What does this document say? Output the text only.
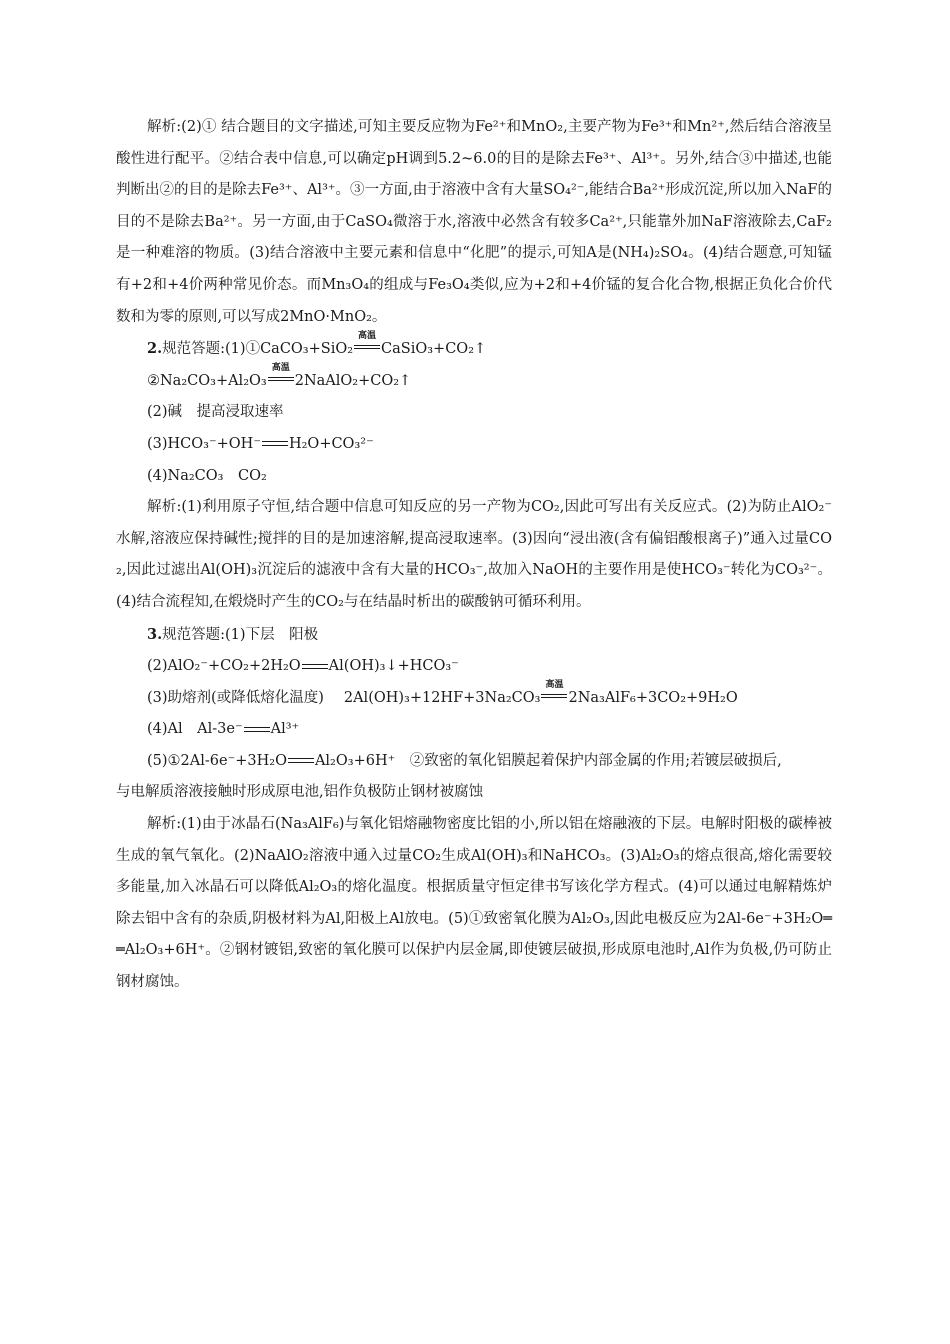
解析:(2)① 结合题目的文字描述,可知主要反应物为Fe²⁺和MnO₂,主要产物为Fe³⁺和Mn²⁺,然后结合溶液呈酸性进行配平。②结合表中信息,可以确定pH调到5.2~6.0的目的是除去Fe³⁺、Al³⁺。另外,结合③中描述,也能判断出②的目的是除去Fe³⁺、Al³⁺。③一方面,由于溶液中含有大量SO₄²⁻,能结合Ba²⁺形成沉淀,所以加入NaF的目的不是除去Ba²⁺。另一方面,由于CaSO₄微溶于水,溶液中必然含有较多Ca²⁺,只能靠外加NaF溶液除去,CaF₂是一种难溶的物质。(3)结合溶液中主要元素和信息中“化肥”的提示,可知A是(NH₄)₂SO₄。(4)结合题意,可知锰有+2和+4价两种常见价态。而Mn₃O₄的组成与Fe₃O₄类似,应为+2和+4价锰的复合化合物,根据正负化合价代数和为零的原则,可以写成2MnO·MnO₂。

2.规范答题:(1)①CaCO₃+SiO₂
高温
CaSiO₃+CO₂↑

②Na₂CO₃+Al₂O₃
高温
2NaAlO₂+CO₂↑

(2)碱　提高浸取速率

(3)HCO₃⁻+OH⁻ H₂O+CO₃²⁻

(4)Na₂CO₃　CO₂

解析:(1)利用原子守恒,结合题中信息可知反应的另一产物为CO₂,因此可写出有关反应式。(2)为防止AlO₂⁻水解,溶液应保持碱性;搅拌的目的是加速溶解,提高浸取速率。(3)因向“浸出液(含有偏铝酸根离子)”通入过量CO₂,因此过滤出Al(OH)₃沉淀后的滤液中含有大量的HCO₃⁻,故加入NaOH的主要作用是使HCO₃⁻转化为CO₃²⁻。(4)结合流程知,在煅烧时产生的CO₂与在结晶时析出的碳酸钠可循环利用。

3.规范答题:(1)下层　阳极

(2)AlO₂⁻+CO₂+2H₂O Al(OH)₃↓+HCO₃⁻

(3)助熔剂(或降低熔化温度) 2Al(OH)₃+12HF+3Na₂CO₃
高温
2Na₃AlF₆+3CO₂+9H₂O

(4)Al　Al-3e⁻ Al³⁺

(5)①2Al-6e⁻+3H₂O Al₂O₃+6H⁺　②致密的氧化铝膜起着保护内部金属的作用;若镀层破损后,

与电解质溶液接触时形成原电池,铝作负极防止钢材被腐蚀

解析:(1)由于冰晶石(Na₃AlF₆)与氧化铝熔融物密度比铝的小,所以铝在熔融液的下层。电解时阳极的碳棒被生成的氧气氧化。(2)NaAlO₂溶液中通入过量CO₂生成Al(OH)₃和NaHCO₃。(3)Al₂O₃的熔点很高,熔化需要较多能量,加入冰晶石可以降低Al₂O₃的熔化温度。根据质量守恒定律书写该化学方程式。(4)可以通过电解精炼炉除去铝中含有的杂质,阴极材料为Al,阳极上Al放电。(5)①致密氧化膜为Al₂O₃,因此电极反应为2Al-6e⁻+3H₂O══Al₂O₃+6H⁺。②钢材镀铝,致密的氧化膜可以保护内层金属,即使镀层破损,形成原电池时,Al作为负极,仍可防止钢材腐蚀。
